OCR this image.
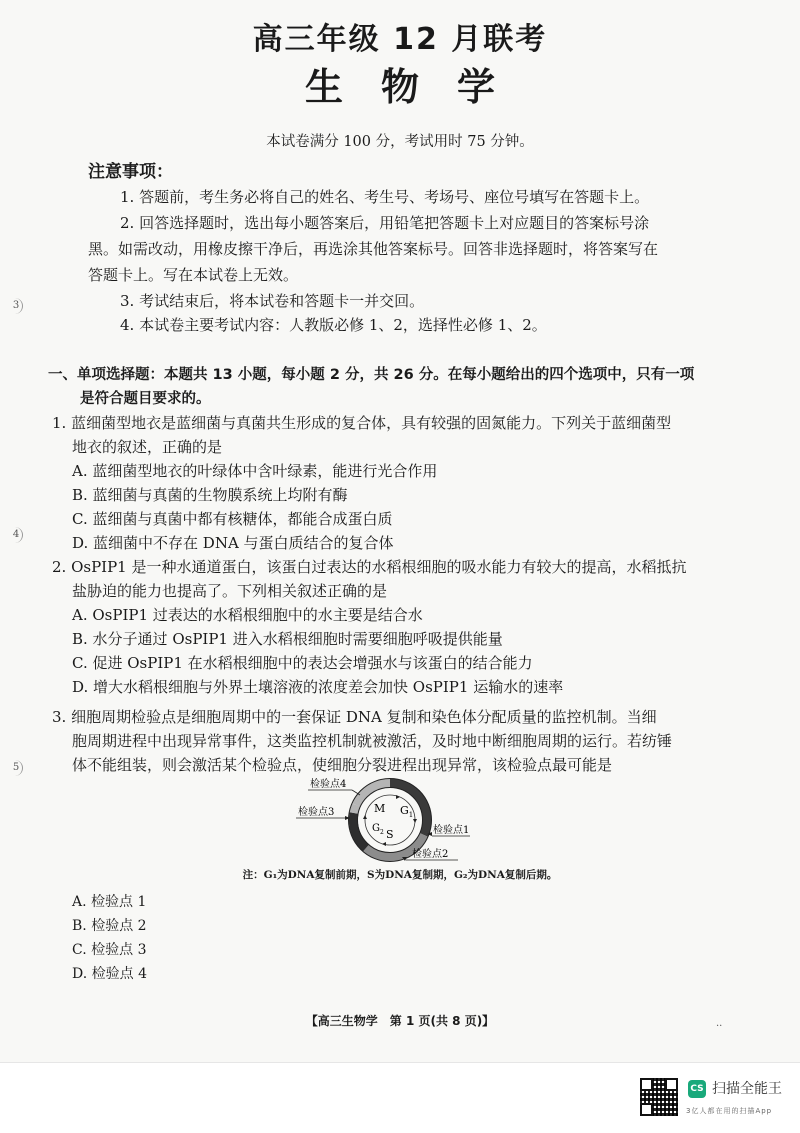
高三年级 12 月联考
生物学
本试卷满分 100 分，考试用时 75 分钟。
注意事项：
1. 答题前，考生务必将自己的姓名、考生号、考场号、座位号填写在答题卡上。
2. 回答选择题时，选出每小题答案后，用铅笔把答题卡上对应题目的答案标号涂
黑。如需改动，用橡皮擦干净后，再选涂其他答案标号。回答非选择题时，将答案写在
答题卡上。写在本试卷上无效。
3. 考试结束后，将本试卷和答题卡一并交回。
4. 本试卷主要考试内容：人教版必修 1、2，选择性必修 1、2。
3
4
5
一、单项选择题：本题共 13 小题，每小题 2 分，共 26 分。在每小题给出的四个选项中，只有一项
是符合题目要求的。
1. 蓝细菌型地衣是蓝细菌与真菌共生形成的复合体，具有较强的固氮能力。下列关于蓝细菌型
地衣的叙述，正确的是
A. 蓝细菌型地衣的叶绿体中含叶绿素，能进行光合作用
B. 蓝细菌与真菌的生物膜系统上均附有酶
C. 蓝细菌与真菌中都有核糖体，都能合成蛋白质
D. 蓝细菌中不存在 DNA 与蛋白质结合的复合体
2. OsPIP1 是一种水通道蛋白，该蛋白过表达的水稻根细胞的吸水能力有较大的提高，水稻抵抗
盐胁迫的能力也提高了。下列相关叙述正确的是
A. OsPIP1 过表达的水稻根细胞中的水主要是结合水
B. 水分子通过 OsPIP1 进入水稻根细胞时需要细胞呼吸提供能量
C. 促进 OsPIP1 在水稻根细胞中的表达会增强水与该蛋白的结合能力
D. 增大水稻根细胞与外界土壤溶液的浓度差会加快 OsPIP1 运输水的速率
3. 细胞周期检验点是细胞周期中的一套保证 DNA 复制和染色体分配质量的监控机制。当细
胞周期进程中出现异常事件，这类监控机制就被激活，及时地中断细胞周期的运行。若纺锤
体不能组装，则会激活某个检验点，使细胞分裂进程出现异常，该检验点最可能是
M $G_1$
$G_2$ S
检验点4
检验点3
检验点1
检验点2
注：G₁为DNA复制前期，S为DNA复制期，G₂为DNA复制后期。
A. 检验点 1
B. 检验点 2
C. 检验点 3
D. 检验点 4
【高三生物学　第 1 页(共 8 页)】	..
CS 扫描全能王
3亿人都在用的扫描App
